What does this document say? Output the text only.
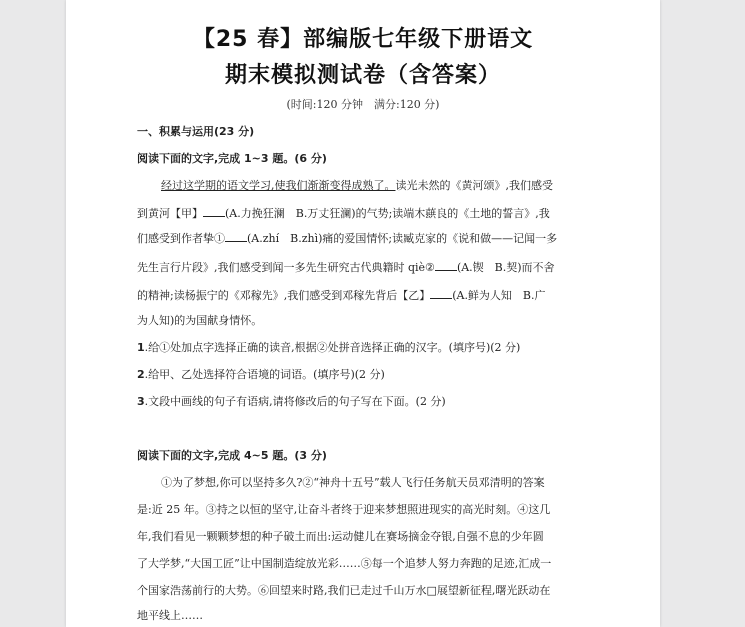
【25 春】部编版七年级下册语文
期末模拟测试卷（含答案）
(时间:120 分钟　满分:120 分)
一、积累与运用(23 分)
阅读下面的文字,完成 1~3 题。(6 分)
经过这学期的语文学习,使我们渐渐变得成熟了。读光未然的《黄河颂》,我们感受
到黄河【甲】 (A.力挽狂澜　B.万丈狂澜)的气势;读端木蕻良的《土地的誓言》,我
们感受到作者挚① (A.zhí　B.zhì)痛的爱国情怀;读臧克家的《说和做——记闻一多
先生言行片段》,我们感受到闻一多先生研究古代典籍时 qiè② (A.锲　B.契)而不舍
的精神;读杨振宁的《邓稼先》,我们感受到邓稼先背后【乙】 (A.鲜为人知　B.广
为人知)的为国献身情怀。
1.给①处加点字选择正确的读音,根据②处拼音选择正确的汉字。(填序号)(2 分)
2.给甲、乙处选择符合语境的词语。(填序号)(2 分)
3.文段中画线的句子有语病,请将修改后的句子写在下面。(2 分)
阅读下面的文字,完成 4~5 题。(3 分)
①为了梦想,你可以坚持多久?②“神舟十五号”载人飞行任务航天员邓清明的答案
是:近 25 年。③持之以恒的坚守,让奋斗者终于迎来梦想照进现实的高光时刻。④这几
年,我们看见一颗颗梦想的种子破土而出:运动健儿在赛场摘金夺银,自强不息的少年圆
了大学梦,“大国工匠”让中国制造绽放光彩……⑤每一个追梦人努力奔跑的足迹,汇成一
个国家浩荡前行的大势。⑥回望来时路,我们已走过千山万水□展望新征程,曙光跃动在
地平线上……
